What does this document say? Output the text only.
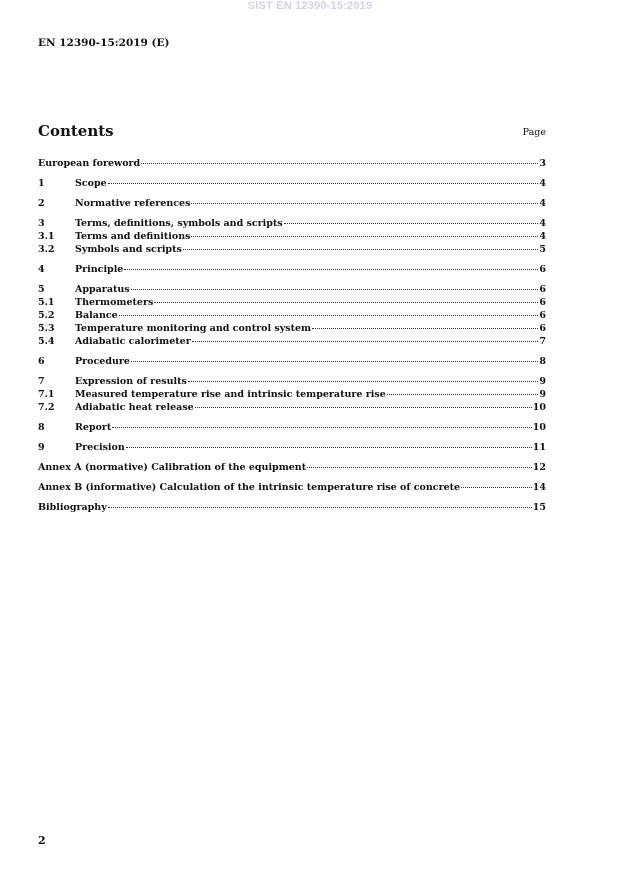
SIST EN 12390-15:2019
EN 12390-15:2019 (E)
Contents	Page
European foreword	3
1	Scope	4
2	Normative references	4
3	Terms, definitions, symbols and scripts	4
3.1	Terms and definitions	4
3.2	Symbols and scripts	5
4	Principle	6
5	Apparatus	6
5.1	Thermometers	6
5.2	Balance	6
5.3	Temperature monitoring and control system	6
5.4	Adiabatic calorimeter	7
6	Procedure	8
7	Expression of results	9
7.1	Measured temperature rise and intrinsic temperature rise	9
7.2	Adiabatic heat release	10
8	Report	10
9	Precision	11
Annex A (normative) Calibration of the equipment	12
Annex B (informative) Calculation of the intrinsic temperature rise of concrete	14
Bibliography	15
2
